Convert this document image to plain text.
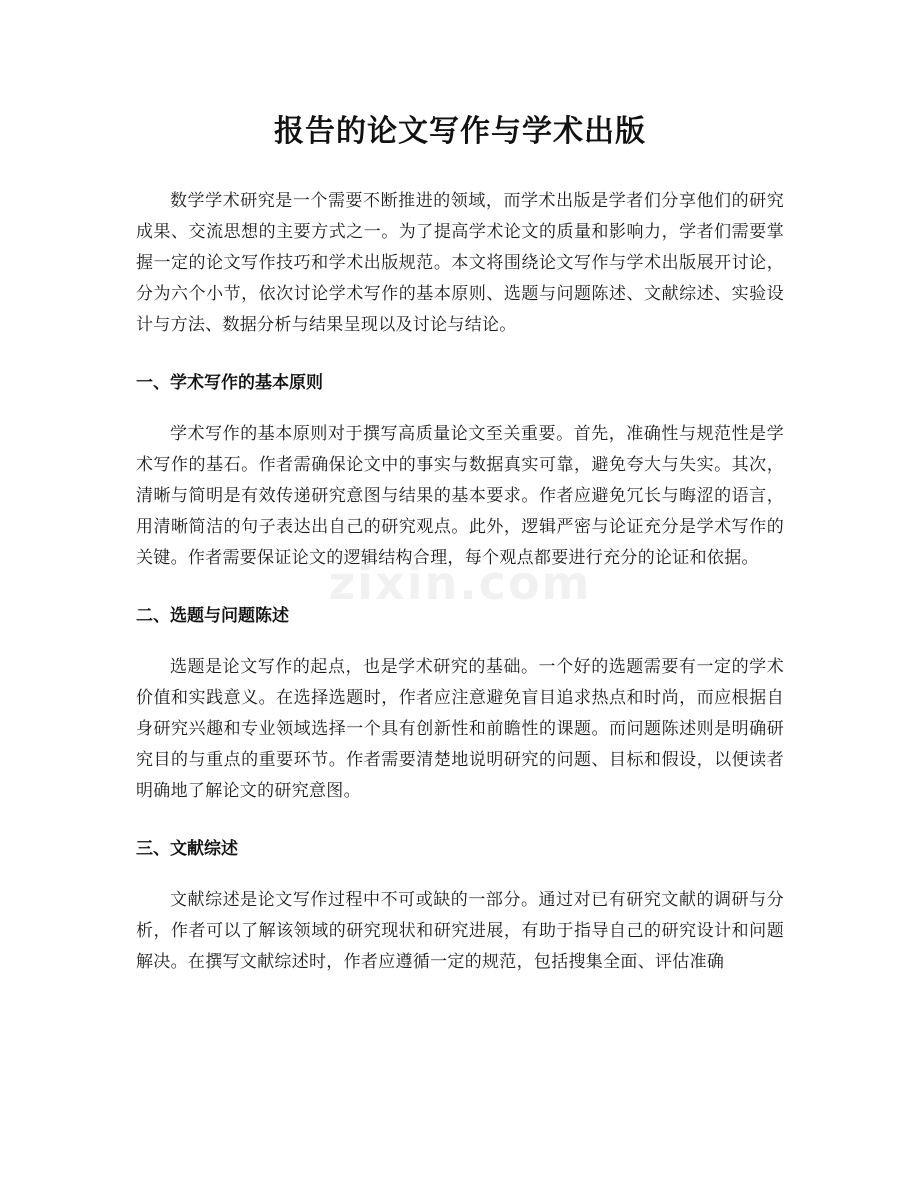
报告的论文写作与学术出版

数学学术研究是一个需要不断推进的领域，而学术出版是学者们分享他们的研究成果、交流思想的主要方式之一。为了提高学术论文的质量和影响力，学者们需要掌握一定的论文写作技巧和学术出版规范。本文将围绕论文写作与学术出版展开讨论，分为六个小节，依次讨论学术写作的基本原则、选题与问题陈述、文献综述、实验设计与方法、数据分析与结果呈现以及讨论与结论。

一、学术写作的基本原则

学术写作的基本原则对于撰写高质量论文至关重要。首先，准确性与规范性是学术写作的基石。作者需确保论文中的事实与数据真实可靠，避免夸大与失实。其次，清晰与简明是有效传递研究意图与结果的基本要求。作者应避免冗长与晦涩的语言，用清晰简洁的句子表达出自己的研究观点。此外，逻辑严密与论证充分是学术写作的关键。作者需要保证论文的逻辑结构合理，每个观点都要进行充分的论证和依据。

二、选题与问题陈述

选题是论文写作的起点，也是学术研究的基础。一个好的选题需要有一定的学术价值和实践意义。在选择选题时，作者应注意避免盲目追求热点和时尚，而应根据自身研究兴趣和专业领域选择一个具有创新性和前瞻性的课题。而问题陈述则是明确研究目的与重点的重要环节。作者需要清楚地说明研究的问题、目标和假设，以便读者明确地了解论文的研究意图。

三、文献综述

文献综述是论文写作过程中不可或缺的一部分。通过对已有研究文献的调研与分析，作者可以了解该领域的研究现状和研究进展，有助于指导自己的研究设计和问题解决。在撰写文献综述时，作者应遵循一定的规范，包括搜集全面、评估准确

zixin.com
